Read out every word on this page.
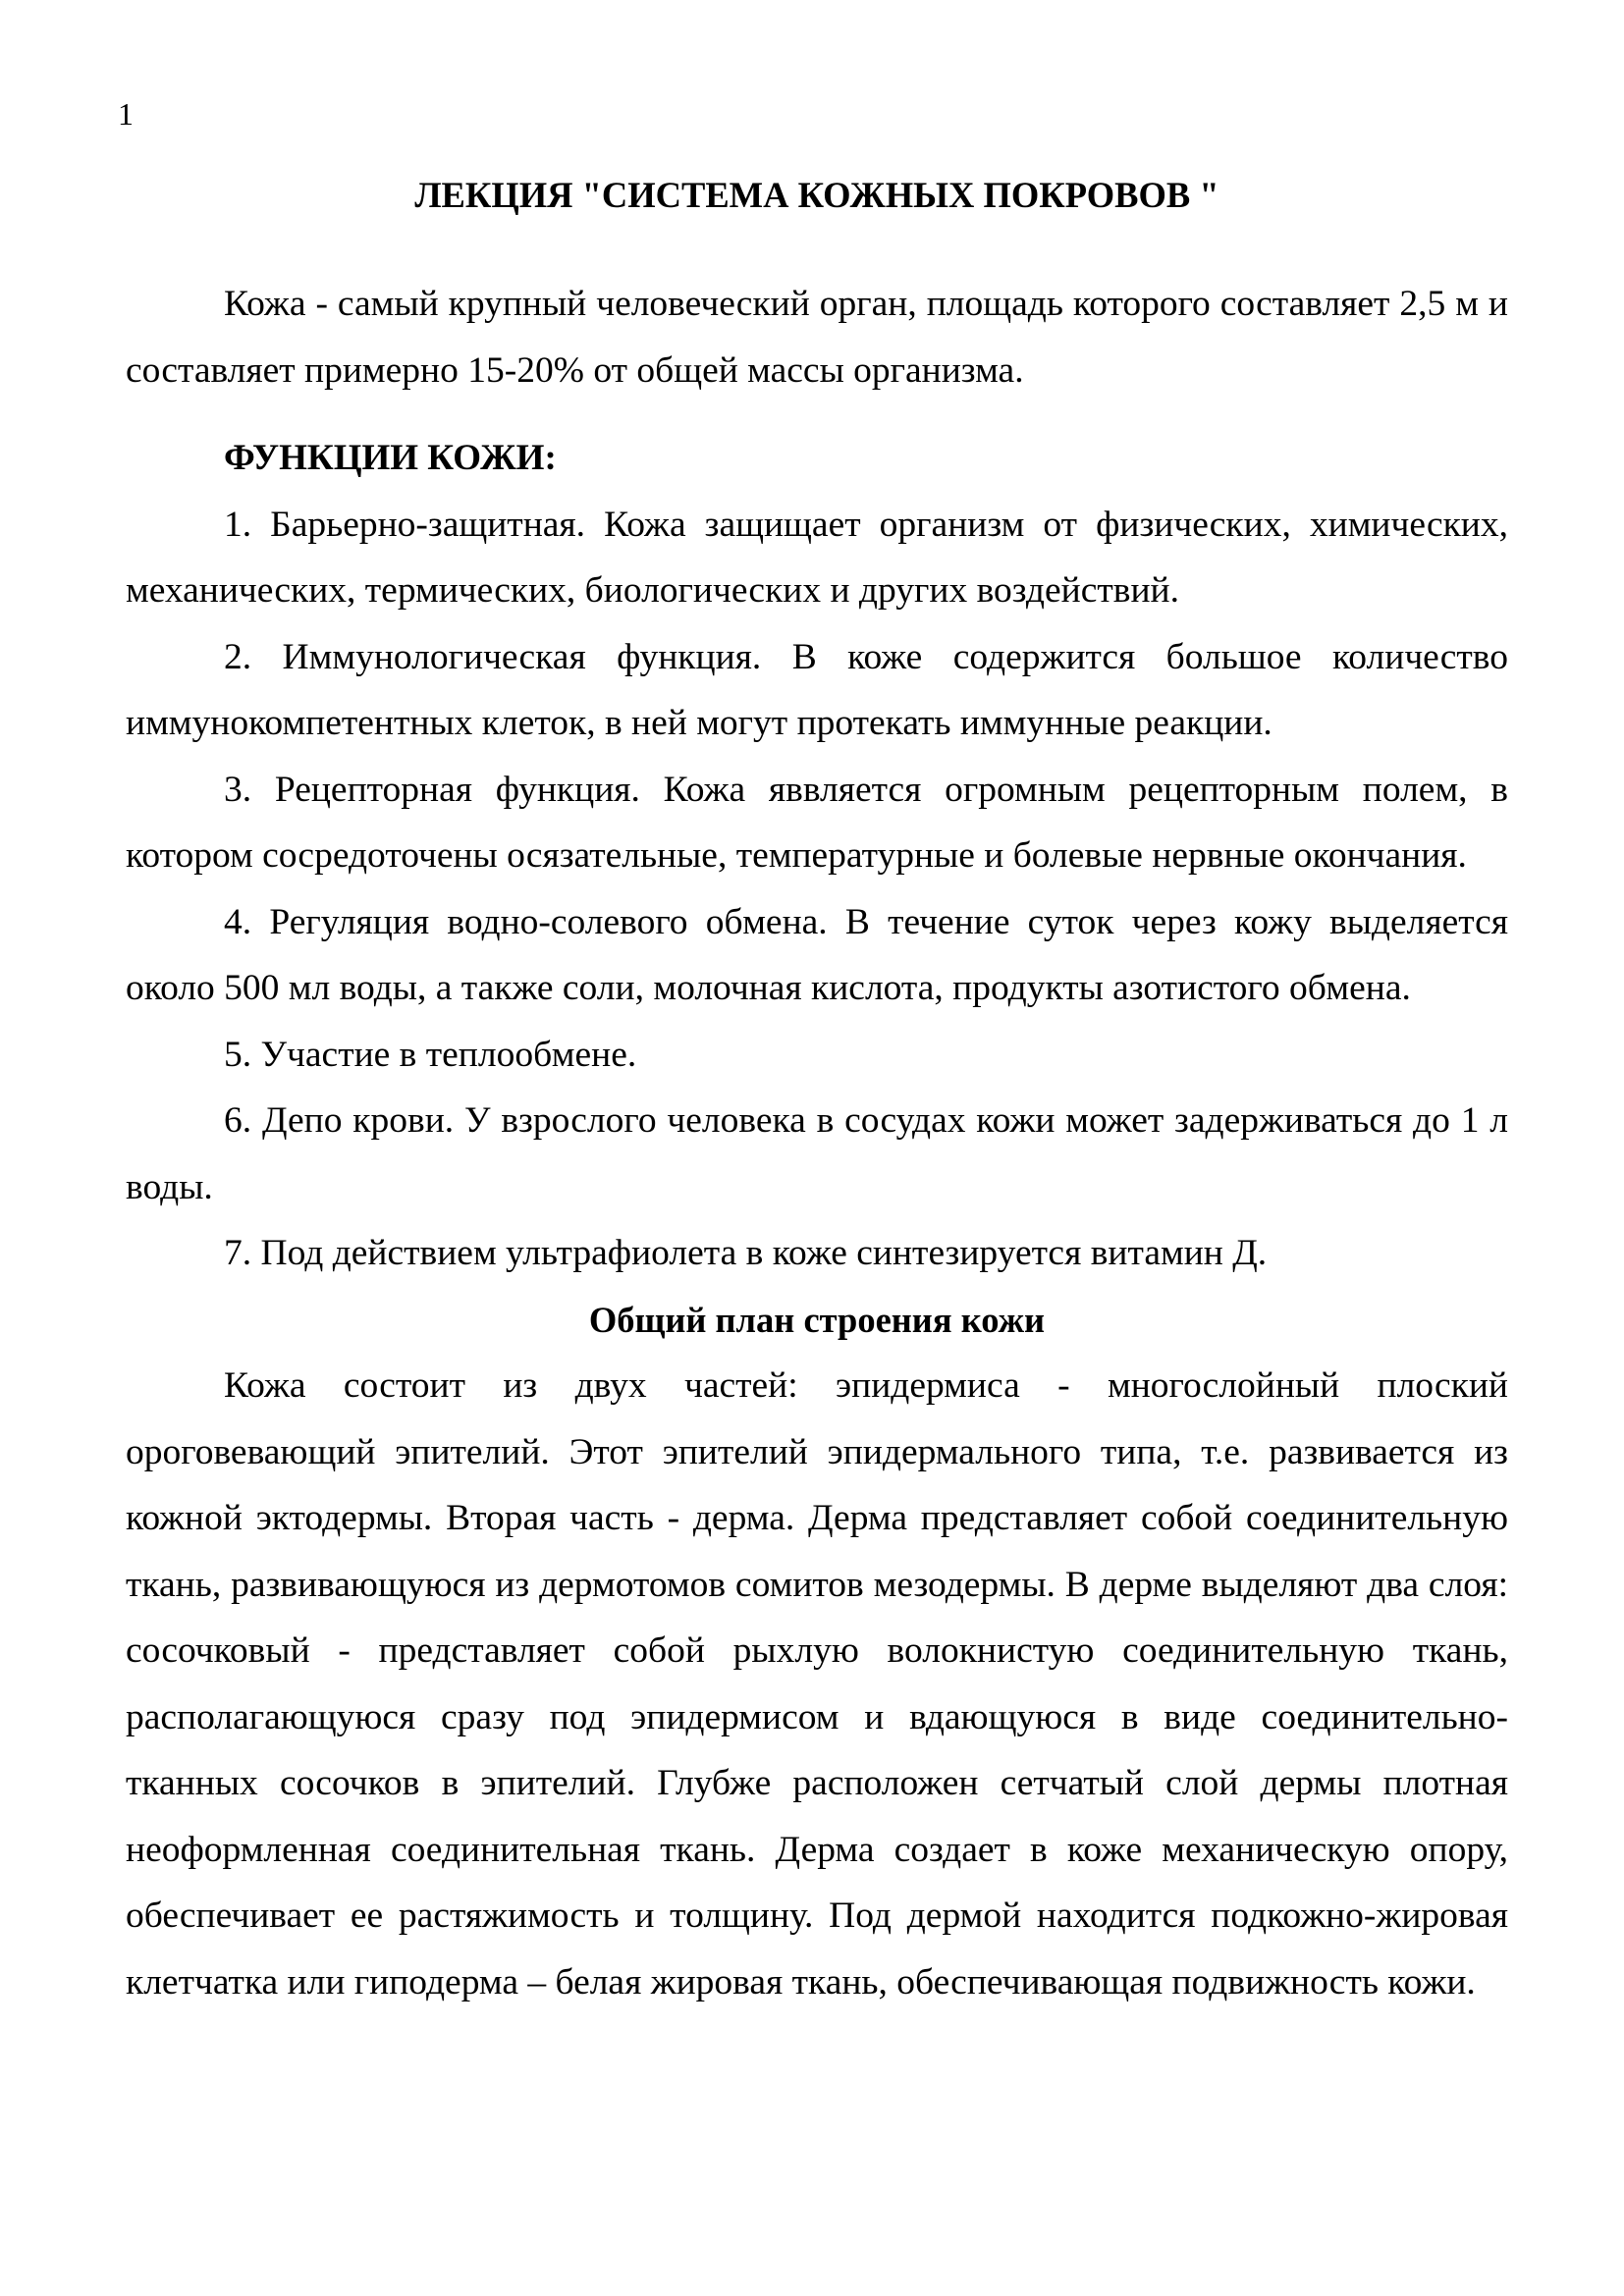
1
ЛЕКЦИЯ "СИСТЕМА КОЖНЫХ ПОКРОВОВ "

Кожа - самый крупный человеческий орган, площадь которого составляет 2,5 м и составляет примерно 15-20% от общей массы организма.

ФУНКЦИИ КОЖИ:
1. Барьерно-защитная. Кожа защищает организм от физических, химических, механических, термических, биологических и других воздействий.
2. Иммунологическая функция. В коже содержится большое количество иммунокомпетентных клеток, в ней могут протекать иммунные реакции.
3. Рецепторная функция. Кожа яввляется огромным рецепторным полем, в котором сосредоточены осязательные, температурные и болевые нервные окончания.
4. Регуляция водно-солевого обмена. В течение суток через кожу выделяется около 500 мл воды, а также соли, молочная кислота, продукты азотистого обмена.
5. Участие в теплообмене.
6. Депо крови. У взрослого человека в сосудах кожи может задерживаться до 1 л воды.
7. Под действием ультрафиолета в коже синтезируется витамин Д.
Общий план строения кожи

Кожа состоит из двух частей: эпидермиса - многослойный плоский ороговевающий эпителий. Этот эпителий эпидермального типа, т.е. развивается из кожной эктодермы. Вторая часть - дерма. Дерма представляет собой соединительную ткань, развивающуюся из дермотомов сомитов мезодермы. В дерме выделяют два слоя: сосочковый - представляет собой рыхлую волокнистую соединительную ткань, располагающуюся сразу под эпидермисом и вдающуюся в виде соединительно-тканных сосочков в эпителий. Глубже расположен сетчатый слой дермы плотная неоформленная соединительная ткань. Дерма создает в коже механическую опору, обеспечивает ее растяжимость и толщину. Под дермой находится подкожно-жировая клетчатка или гиподерма – белая жировая ткань, обеспечивающая подвижность кожи.
